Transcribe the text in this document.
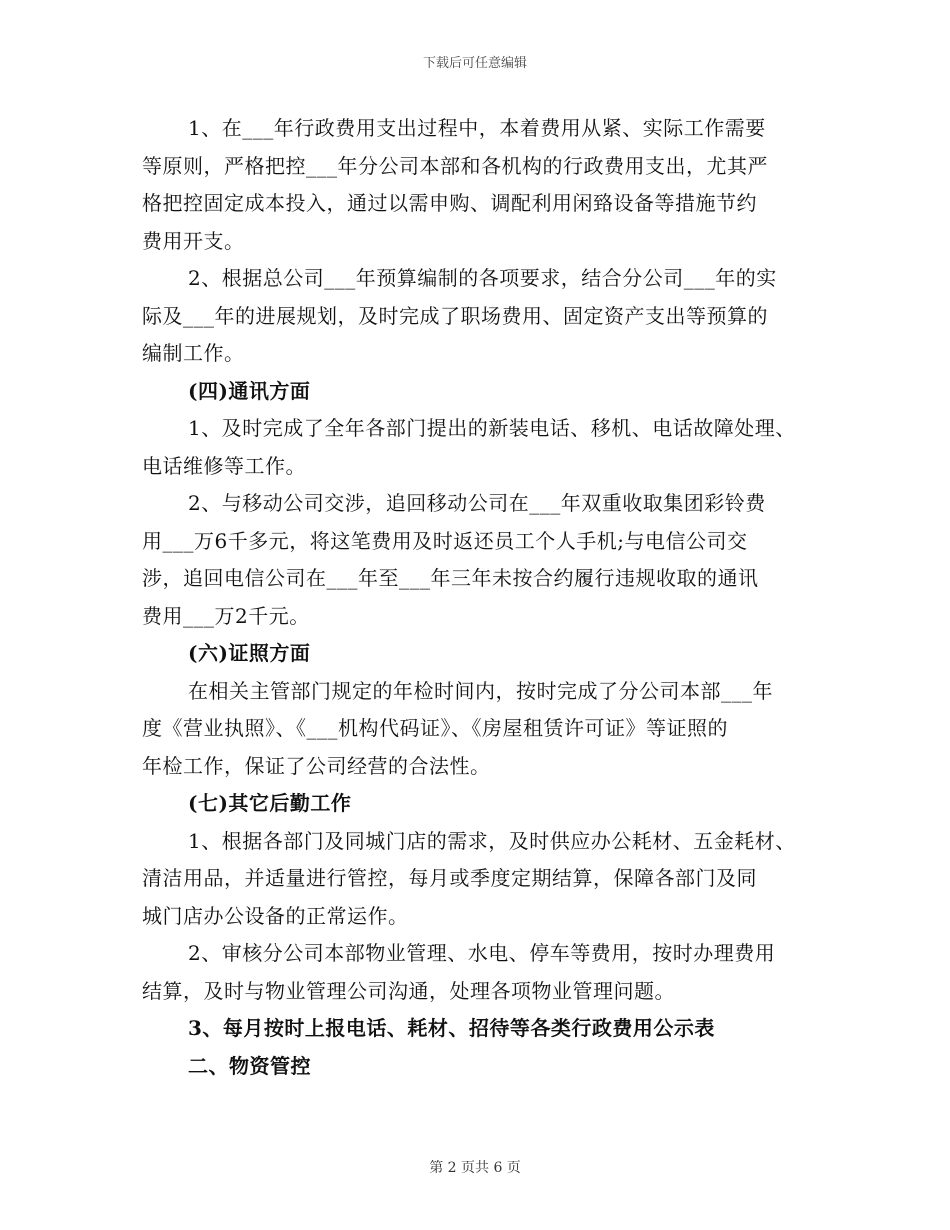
下载后可任意编辑
1、在___年行政费用支出过程中，本着费用从紧、实际工作需要
等原则，严格把控___年分公司本部和各机构的行政费用支出，尤其严
格把控固定成本投入，通过以需申购、调配利用闲臵设备等措施节约
费用开支。
2、根据总公司___年预算编制的各项要求，结合分公司___年的实
际及___年的进展规划，及时完成了职场费用、固定资产支出等预算的
编制工作。
(四)通讯方面
1、及时完成了全年各部门提出的新装电话、移机、电话故障处理、
电话维修等工作。
2、与移动公司交涉，追回移动公司在___年双重收取集团彩铃费
用___万6千多元，将这笔费用及时返还员工个人手机;与电信公司交
涉，追回电信公司在___年至___年三年未按合约履行违规收取的通讯
费用___万2千元。
(六)证照方面
在相关主管部门规定的年检时间内，按时完成了分公司本部___年
度《营业执照》、《___机构代码证》、《房屋租赁许可证》等证照的
年检工作，保证了公司经营的合法性。
(七)其它后勤工作
1、根据各部门及同城门店的需求，及时供应办公耗材、五金耗材、
清洁用品，并适量进行管控，每月或季度定期结算，保障各部门及同
城门店办公设备的正常运作。
2、审核分公司本部物业管理、水电、停车等费用，按时办理费用
结算，及时与物业管理公司沟通，处理各项物业管理问题。
3、每月按时上报电话、耗材、招待等各类行政费用公示表
二、物资管控
第 2 页共 6 页
